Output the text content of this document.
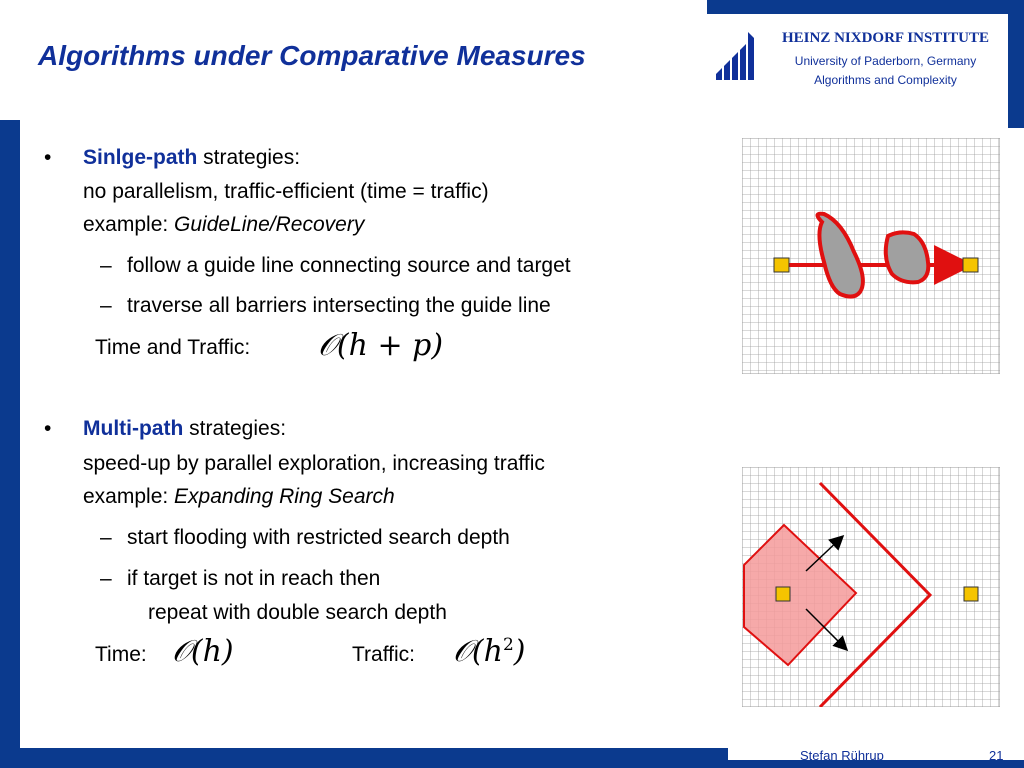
Algorithms under Comparative Measures
HEINZ NIXDORF INSTITUTE
University of Paderborn, Germany
Algorithms and Complexity
• Sinlge-path strategies:
no parallelism, traffic-efficient (time = traffic)
example: GuideLine/Recovery
– follow a guide line connecting source and target
– traverse all barriers intersecting the guide line
Time and Traffic: 𝒪(h + p)
• Multi-path strategies:
speed-up by parallel exploration, increasing traffic
example: Expanding Ring Search
– start flooding with restricted search depth
– if target is not in reach then
repeat with double search depth
Time: 𝒪(h)	Traffic: $𝒪(h^2)$
Stefan Rührup	21
